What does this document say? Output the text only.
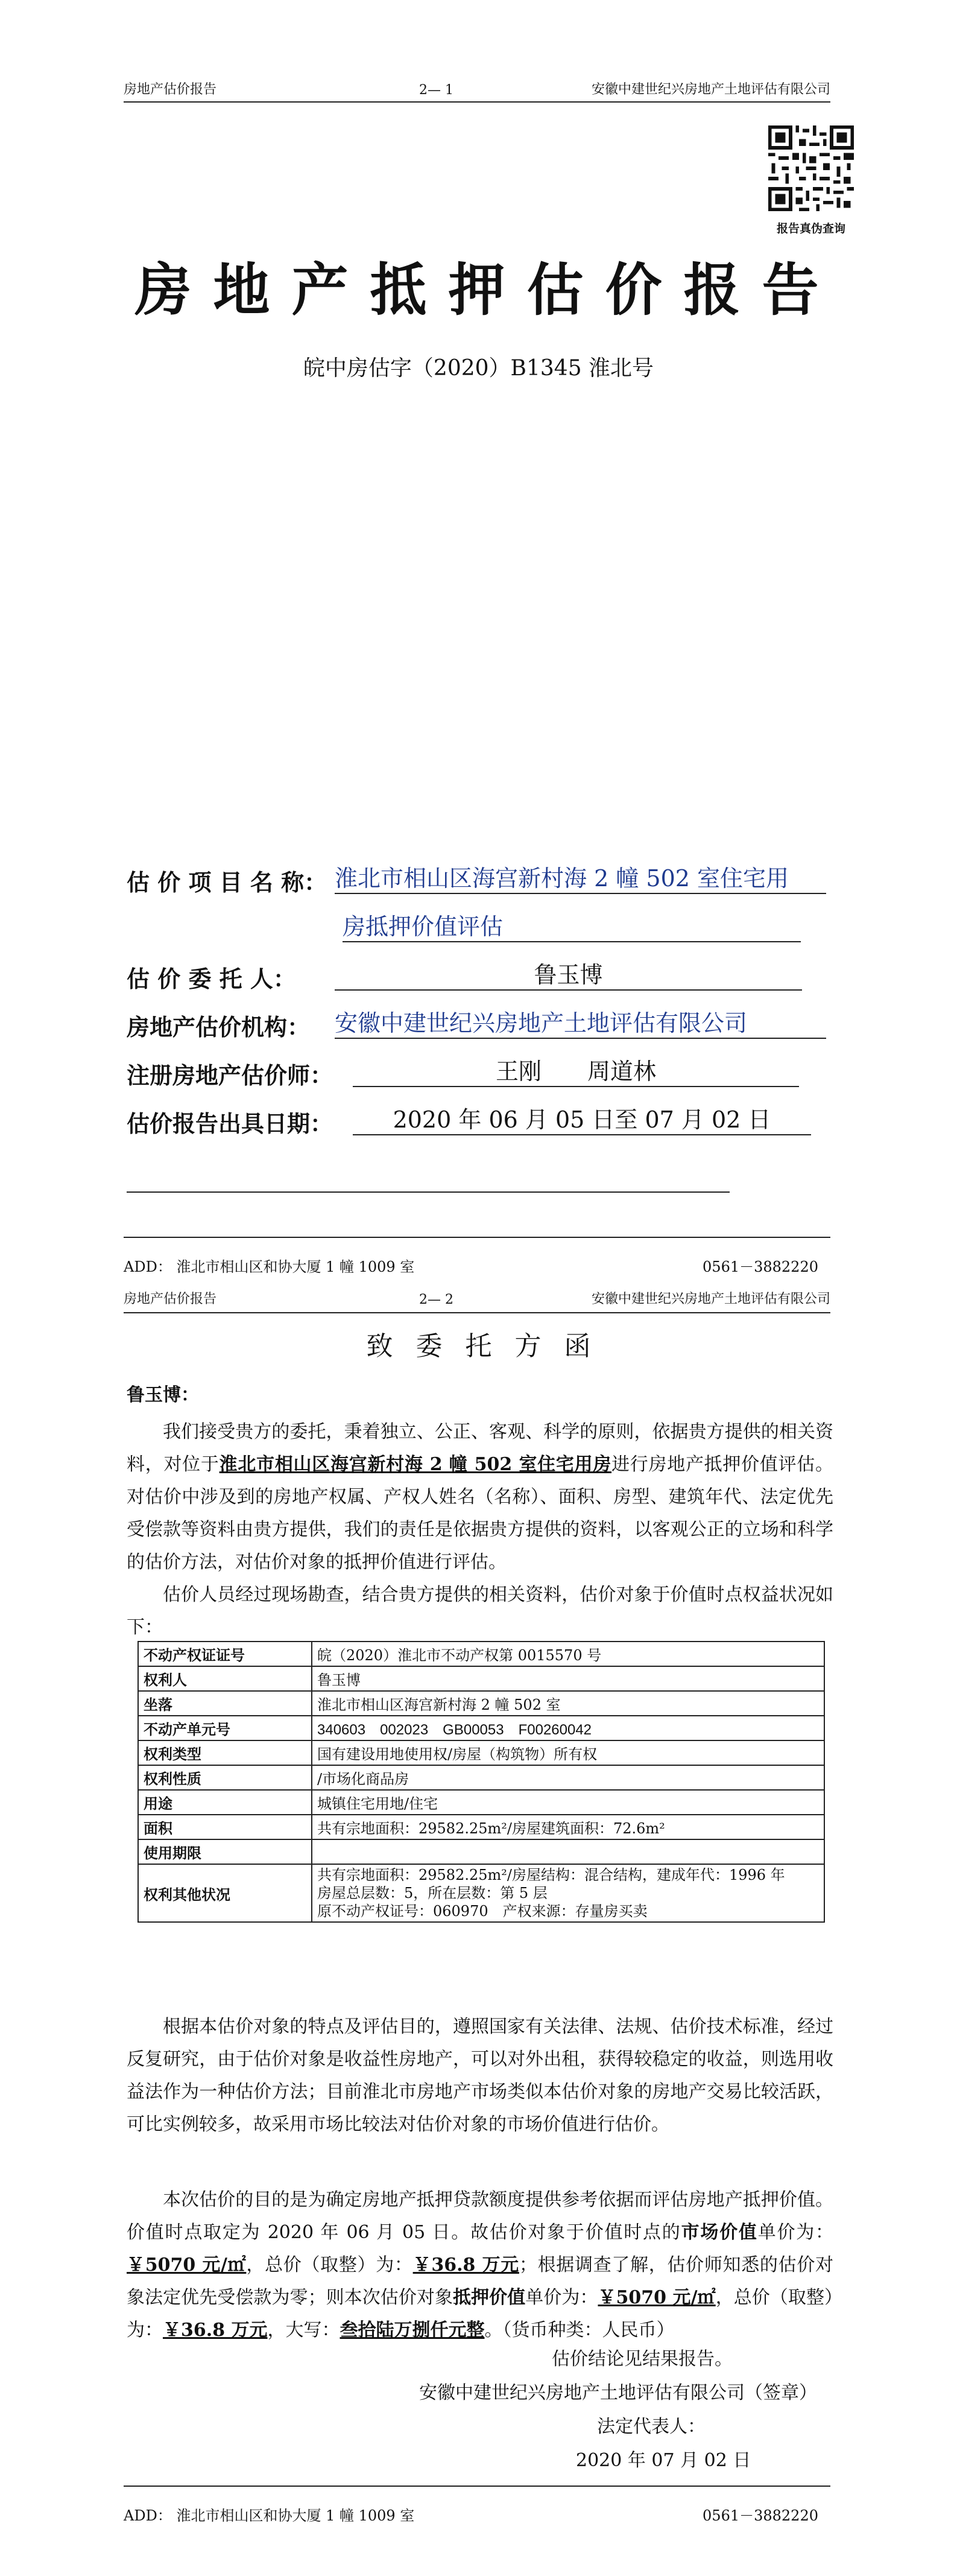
房地产估价报告	2— 1	安徽中建世纪兴房地产土地评估有限公司
报告真伪查询
房地产抵押估价报告
皖中房估字（2020）B1345 淮北号
估 价 项 目 名 称： 淮北市相山区海宫新村海 2 幢 502 室住宅用
房抵押价值评估
估 价 委 托 人：	鲁玉博
房地产估价机构： 安徽中建世纪兴房地产土地评估有限公司
注册房地产估价师：	王刚　　周道林
估价报告出具日期：	2020 年 06 月 05 日至 07 月 02 日
ADD： 淮北市相山区和协大厦 1 幢 1009 室	0561－3882220
房地产估价报告	2— 2	安徽中建世纪兴房地产土地评估有限公司
致委托方函
鲁玉博：
我们接受贵方的委托，秉着独立、公正、客观、科学的原则，依据贵方提供的相关资料，对位于淮北市相山区海宫新村海 2 幢 502 室住宅用房进行房地产抵押价值评估。对估价中涉及到的房地产权属、产权人姓名（名称）、面积、房型、建筑年代、法定优先受偿款等资料由贵方提供，我们的责任是依据贵方提供的资料，以客观公正的立场和科学的估价方法，对估价对象的抵押价值进行评估。
估价人员经过现场勘查，结合贵方提供的相关资料，估价对象于价值时点权益状况如下：
不动产权证证号	皖（2020）淮北市不动产权第 0015570 号
权利人	鲁玉博
坐落	淮北市相山区海宫新村海 2 幢 502 室
不动产单元号	340603　002023　GB00053　F00260042
权利类型	国有建设用地使用权/房屋（构筑物）所有权
权利性质	/市场化商品房
用途	城镇住宅用地/住宅
面积	共有宗地面积：29582.25m²/房屋建筑面积：72.6m²
使用期限	
权利其他状况	共有宗地面积：29582.25m²/房屋结构：混合结构，建成年代：1996 年
房屋总层数：5，所在层数：第 5 层
原不动产权证号：060970　产权来源：存量房买卖
根据本估价对象的特点及评估目的，遵照国家有关法律、法规、估价技术标准，经过反复研究，由于估价对象是收益性房地产，可以对外出租，获得较稳定的收益，则选用收益法作为一种估价方法；目前淮北市房地产市场类似本估价对象的房地产交易比较活跃，可比实例较多，故采用市场比较法对估价对象的市场价值进行估价。
本次估价的目的是为确定房地产抵押贷款额度提供参考依据而评估房地产抵押价值。价值时点取定为 2020 年 06 月 05 日。故估价对象于价值时点的市场价值单价为：￥5070 元/㎡，总价（取整）为：￥36.8 万元；根据调查了解，估价师知悉的估价对象法定优先受偿款为零；则本次估价对象抵押价值单价为：￥5070 元/㎡，总价（取整）为：￥36.8 万元，大写：叁拾陆万捌仟元整。（货币种类：人民币）
估价结论见结果报告。
安徽中建世纪兴房地产土地评估有限公司（签章）
法定代表人：
2020 年 07 月 02 日
ADD： 淮北市相山区和协大厦 1 幢 1009 室	0561－3882220
